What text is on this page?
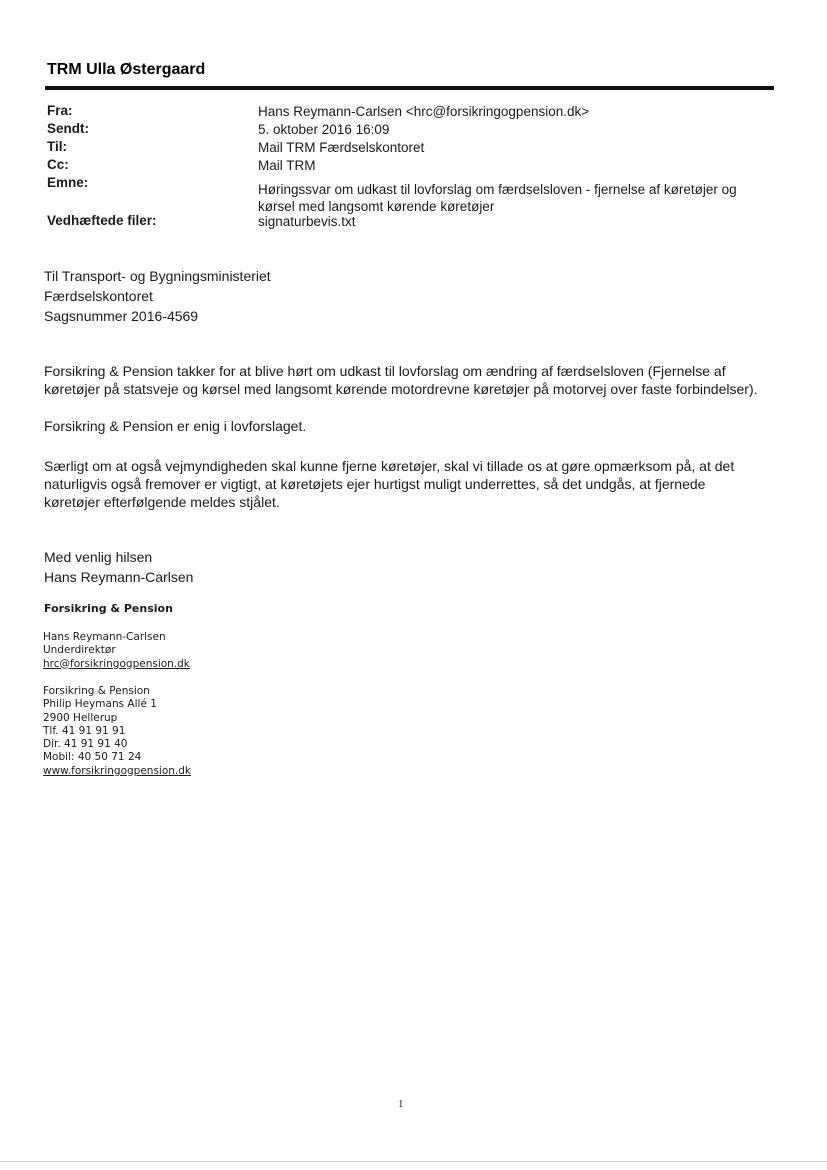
TRM Ulla Østergaard
Fra:	Hans Reymann-Carlsen <hrc@forsikringogpension.dk>
Sendt:	5. oktober 2016 16:09
Til:	Mail TRM Færdselskontoret
Cc:	Mail TRM
Emne:	Høringssvar om udkast til lovforslag om færdselsloven - fjernelse af køretøjer og
kørsel med langsomt kørende køretøjer
Vedhæftede filer:	signaturbevis.txt
Til Transport- og Bygningsministeriet
Færdselskontoret
Sagsnummer 2016-4569
Forsikring & Pension takker for at blive hørt om udkast til lovforslag om ændring af færdselsloven (Fjernelse af
køretøjer på statsveje og kørsel med langsomt kørende motordrevne køretøjer på motorvej over faste forbindelser).
Forsikring & Pension er enig i lovforslaget.
Særligt om at også vejmyndigheden skal kunne fjerne køretøjer, skal vi tillade os at gøre opmærksom på, at det
naturligvis også fremover er vigtigt, at køretøjets ejer hurtigst muligt underrettes, så det undgås, at fjernede
køretøjer efterfølgende meldes stjålet.
Med venlig hilsen
Hans Reymann-Carlsen
Forsikring & Pension
Hans Reymann-Carlsen
Underdirektør
hrc@forsikringogpension.dk
Forsikring & Pension
Philip Heymans Allé 1
2900 Hellerup
Tlf. 41 91 91 91
Dir. 41 91 91 40
Mobil: 40 50 71 24
www.forsikringogpension.dk
1
